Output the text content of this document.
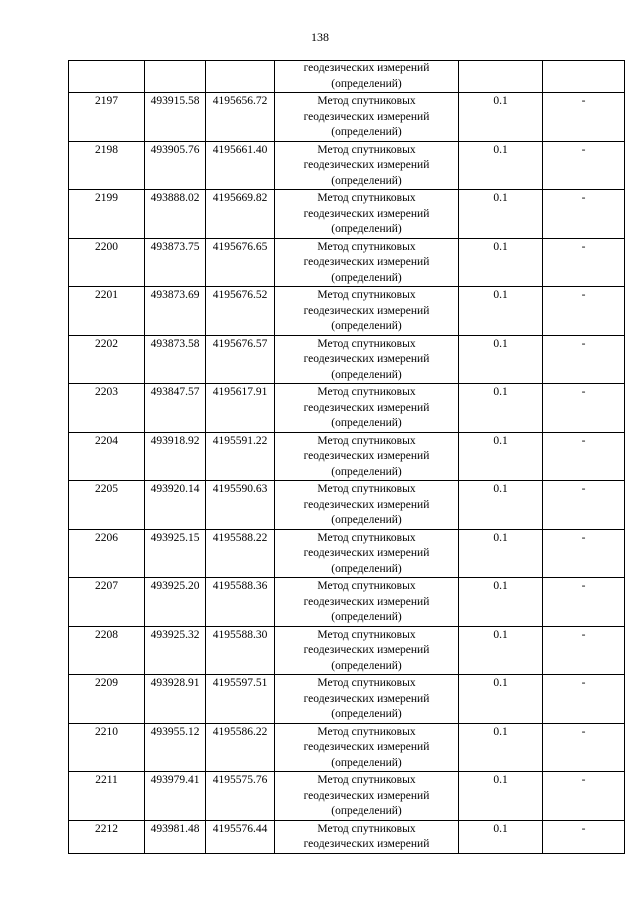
138

			геодезических измерений
(определений)		

2197	493915.58	4195656.72	Метод спутниковых
геодезических измерений
(определений)	0.1	-
2198	493905.76	4195661.40	Метод спутниковых
геодезических измерений
(определений)	0.1	-
2199	493888.02	4195669.82	Метод спутниковых
геодезических измерений
(определений)	0.1	-
2200	493873.75	4195676.65	Метод спутниковых
геодезических измерений
(определений)	0.1	-
2201	493873.69	4195676.52	Метод спутниковых
геодезических измерений
(определений)	0.1	-
2202	493873.58	4195676.57	Метод спутниковых
геодезических измерений
(определений)	0.1	-
2203	493847.57	4195617.91	Метод спутниковых
геодезических измерений
(определений)	0.1	-
2204	493918.92	4195591.22	Метод спутниковых
геодезических измерений
(определений)	0.1	-
2205	493920.14	4195590.63	Метод спутниковых
геодезических измерений
(определений)	0.1	-
2206	493925.15	4195588.22	Метод спутниковых
геодезических измерений
(определений)	0.1	-
2207	493925.20	4195588.36	Метод спутниковых
геодезических измерений
(определений)	0.1	-
2208	493925.32	4195588.30	Метод спутниковых
геодезических измерений
(определений)	0.1	-
2209	493928.91	4195597.51	Метод спутниковых
геодезических измерений
(определений)	0.1	-
2210	493955.12	4195586.22	Метод спутниковых
геодезических измерений
(определений)	0.1	-
2211	493979.41	4195575.76	Метод спутниковых
геодезических измерений
(определений)	0.1	-
2212	493981.48	4195576.44	Метод спутниковых
геодезических измерений	0.1	-
